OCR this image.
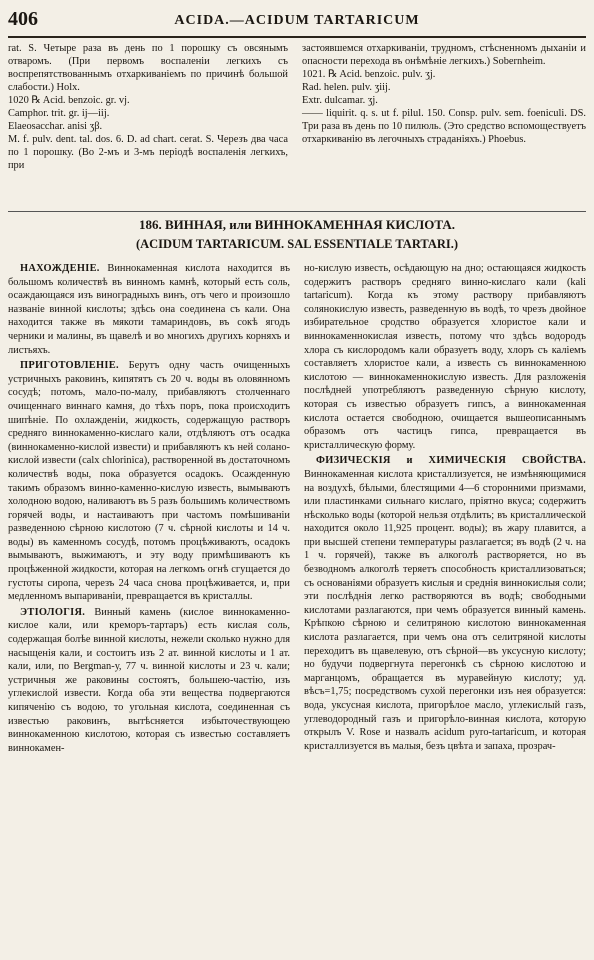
406	ACIDA.—ACIDUM TARTARICUM

rat. S. Четыре раза въ день по 1 порошку съ овсянымъ отваромъ. (При первомъ воспаленіи легкихъ съ воспрепятствованнымъ отхаркиваніемъ по причинѣ большой слабости.) Ноlх.

1020 ℞ Acid. benzoic. gr. vj.

Camphor. trit. gr. ij—iij.

Elaeosacchar. anisi ʒβ.

M. f. pulv. dent. tal. dos. 6. D. ad chart. cerat. S. Черезъ два часа по 1 порошку. (Во 2-мъ и 3-мъ періодѣ воспаленія легкихъ, при

застоявшемся отхаркиваніи, трудномъ, стѣсненномъ дыханіи и опасности перехода въ онѣмѣніе легкихъ.) Sobernheim.

1021. ℞ Acid. benzoic. pulv. ʒj.

Rad. helen. pulv. ʒiij.

Extr. dulcamar. ʒj.

—— liquirit. q. s. ut f. pilul. 150. Consp. pulv. sem. foeniculi. DS. Три раза въ день по 10 пилюль. (Это средство вспомоществуетъ отхаркиванію въ легочныхъ страданіяхъ.) Phoebus.

186. ВИННАЯ, или ВИННОКАМЕННАЯ КИСЛОТА.
(ACIDUM TARTARICUM. SAL ESSENTIALE TARTARI.)

НАХОЖДЕНІЕ. Виннокаменная кислота находится въ большомъ количествѣ въ винномъ камнѣ, который есть соль, осаждающаяся изъ виноградныхъ винъ, отъ чего и произошло названіе винной кислоты; здѣсь она соединена съ кали. Она находится также въ мякоти тамариндовъ, въ сокѣ ягодъ черники и малины, въ щавелѣ и во многихъ другихъ корняхъ и листьяхъ.

ПРИГОТОВЛЕНІЕ. Берутъ одну часть очищенныхъ устричныхъ раковинъ, кипятятъ съ 20 ч. воды въ оловянномъ сосудѣ; потомъ, мало-по-малу, прибавляютъ столченнаго очищеннаго виннаго камня, до тѣхъ поръ, пока происходитъ шипѣніе. По охлажденіи, жидкость, содержащую растворъ средняго виннокаменно-кислаго кали, отдѣляютъ отъ осадка (виннокаменно-кислой извести) и прибавляютъ къ ней солано-кислой извести (calx chlorinica), растворенной въ достаточномъ количествѣ воды, пока образуется осадокъ. Осажденную такимъ образомъ винно-каменно-кислую известь, вымываютъ холодною водою, наливаютъ въ 5 разъ большимъ количествомъ горячей воды, и настаиваютъ при частомъ помѣшиваніи разведенною сѣрною кислотою (7 ч. сѣрной кислоты и 14 ч. воды) въ каменномъ сосудѣ, потомъ процѣживаютъ, осадокъ вымываютъ, выжимаютъ, и эту воду примѣшиваютъ къ процѣженной жидкости, которая на легкомъ огнѣ сгущается до густоты сиропа, черезъ 24 часа снова процѣживается, и, при медленномъ выпариваніи, превращается въ кристаллы.

ЭТІОЛОГІЯ. Винный камень (кислое виннокаменно-кислое кали, или креморъ-тартаръ) есть кислая соль, содержащая болѣе винной кислоты, нежели сколько нужно для насыщенія кали, и состоитъ изъ 2 ат. винной кислоты и 1 ат. кали, или, по Bergman-у, 77 ч. винной кислоты и 23 ч. кали; устричныя же раковины состоятъ, большею-частію, изъ углекислой извести. Когда оба эти вещества подвергаются кипяченію съ водою, то угольная кислота, соединенная съ известью раковинъ, вытѣсняется избыточествующею виннокаменною кислотою, которая съ известью составляетъ виннокамен-

но-кислую известь, осѣдающую на дно; остающаяся жидкость содержитъ растворъ средняго винно-кислаго кали (kali tartaricum). Когда къ этому раствору прибавляютъ солянокислую известь, разведенную въ водѣ, то чрезъ двойное избирательное сродство образуется хлористое кали и виннокаменнокислая известь, потому что здѣсь водородъ хлора съ кислородомъ кали образуетъ воду, хлоръ съ каліемъ составляетъ хлористое кали, а известь съ виннокаменною кислотою — виннокаменнокислую известь. Для разложенія послѣдней употребляютъ разведенную сѣрную кислоту, которая съ известью образуетъ гипсъ, а виннокаменная кислота остается свободною, очищается вышеописаннымъ образомъ отъ частицъ гипса, превращается въ кристаллическую форму.

ФИЗИЧЕСКІЯ и ХИМИЧЕСКІЯ СВОЙСТВА. Виннокаменная кислота кристаллизуется, не измѣняющимися на воздухѣ, бѣлыми, блестящими 4—6 сторонними призмами, или пластинками сильнаго кислаго, пріятно вкуса; содержитъ нѣсколько воды (которой нельзя отдѣлить; въ кристаллической находится около 11,925 процент. воды); въ жару плавится, а при высшей степени температуры разлагается; въ водѣ (2 ч. на 1 ч. горячей), также въ алкоголѣ растворяется, но въ безводномъ алкоголѣ теряетъ способность кристаллизоваться; съ основаніями образуетъ кислыя и среднія виннокислыя соли; эти послѣднія легко растворяются въ водѣ; свободными кислотами разлагаются, при чемъ образуется винный камень. Крѣпкою сѣрною и селитряною кислотою виннокаменная кислота разлагается, при чемъ она отъ селитряной кислоты переходитъ въ щавелевую, отъ сѣрной—въ уксусную кислоту; но будучи подвергнута перегонкѣ съ сѣрною кислотою и марганцомъ, обращается въ муравейную кислоту; уд. вѣсъ=1,75; посредствомъ сухой перегонки изъ нея образуется: вода, уксусная кислота, пригорѣлое масло, углекислый газъ, углеводородный газъ и пригорѣло-винная кислота, которую открылъ V. Rose и назвалъ acidum pyro-tartaricum, и которая кристаллизуется въ малыя, безъ цвѣта и запаха, прозрач-
